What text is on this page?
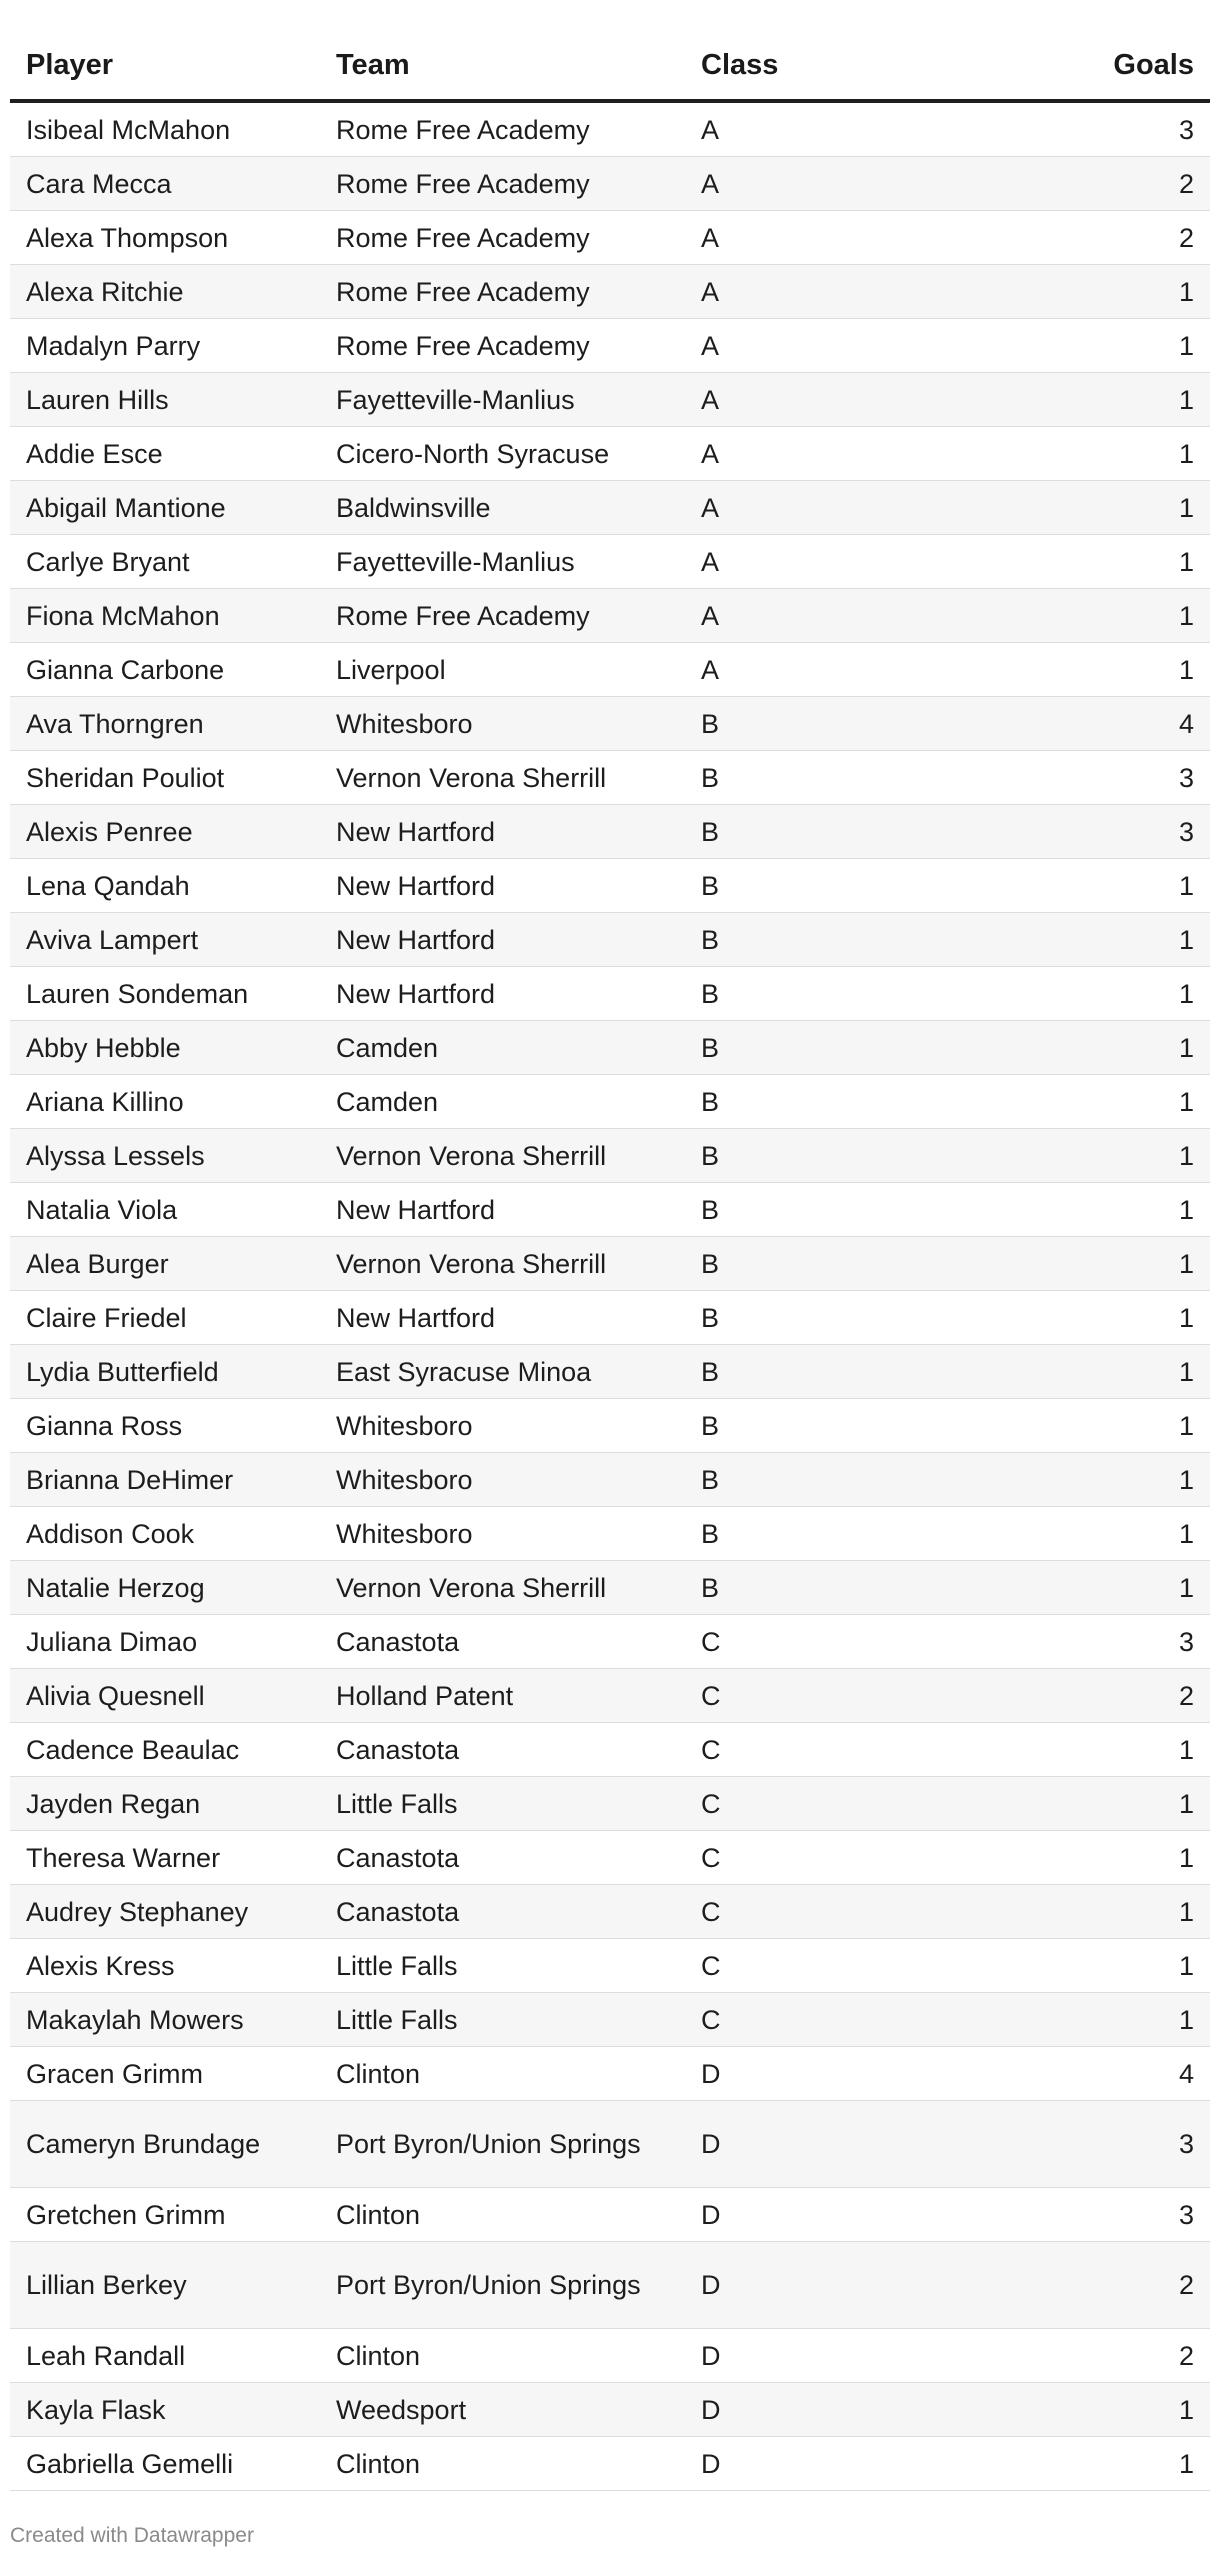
Player	Team	Class	Goals
Isibeal McMahon	Rome Free Academy	A	3
Cara Mecca	Rome Free Academy	A	2
Alexa Thompson	Rome Free Academy	A	2
Alexa Ritchie	Rome Free Academy	A	1
Madalyn Parry	Rome Free Academy	A	1
Lauren Hills	Fayetteville-Manlius	A	1
Addie Esce	Cicero-North Syracuse	A	1
Abigail Mantione	Baldwinsville	A	1
Carlye Bryant	Fayetteville-Manlius	A	1
Fiona McMahon	Rome Free Academy	A	1
Gianna Carbone	Liverpool	A	1
Ava Thorngren	Whitesboro	B	4
Sheridan Pouliot	Vernon Verona Sherrill	B	3
Alexis Penree	New Hartford	B	3
Lena Qandah	New Hartford	B	1
Aviva Lampert	New Hartford	B	1
Lauren Sondeman	New Hartford	B	1
Abby Hebble	Camden	B	1
Ariana Killino	Camden	B	1
Alyssa Lessels	Vernon Verona Sherrill	B	1
Natalia Viola	New Hartford	B	1
Alea Burger	Vernon Verona Sherrill	B	1
Claire Friedel	New Hartford	B	1
Lydia Butterfield	East Syracuse Minoa	B	1
Gianna Ross	Whitesboro	B	1
Brianna DeHimer	Whitesboro	B	1
Addison Cook	Whitesboro	B	1
Natalie Herzog	Vernon Verona Sherrill	B	1
Juliana Dimao	Canastota	C	3
Alivia Quesnell	Holland Patent	C	2
Cadence Beaulac	Canastota	C	1
Jayden Regan	Little Falls	C	1
Theresa Warner	Canastota	C	1
Audrey Stephaney	Canastota	C	1
Alexis Kress	Little Falls	C	1
Makaylah Mowers	Little Falls	C	1
Gracen Grimm	Clinton	D	4
Cameryn Brundage	Port Byron/Union Springs	D	3
Gretchen Grimm	Clinton	D	3
Lillian Berkey	Port Byron/Union Springs	D	2
Leah Randall	Clinton	D	2
Kayla Flask	Weedsport	D	1
Gabriella Gemelli	Clinton	D	1
Created with Datawrapper
